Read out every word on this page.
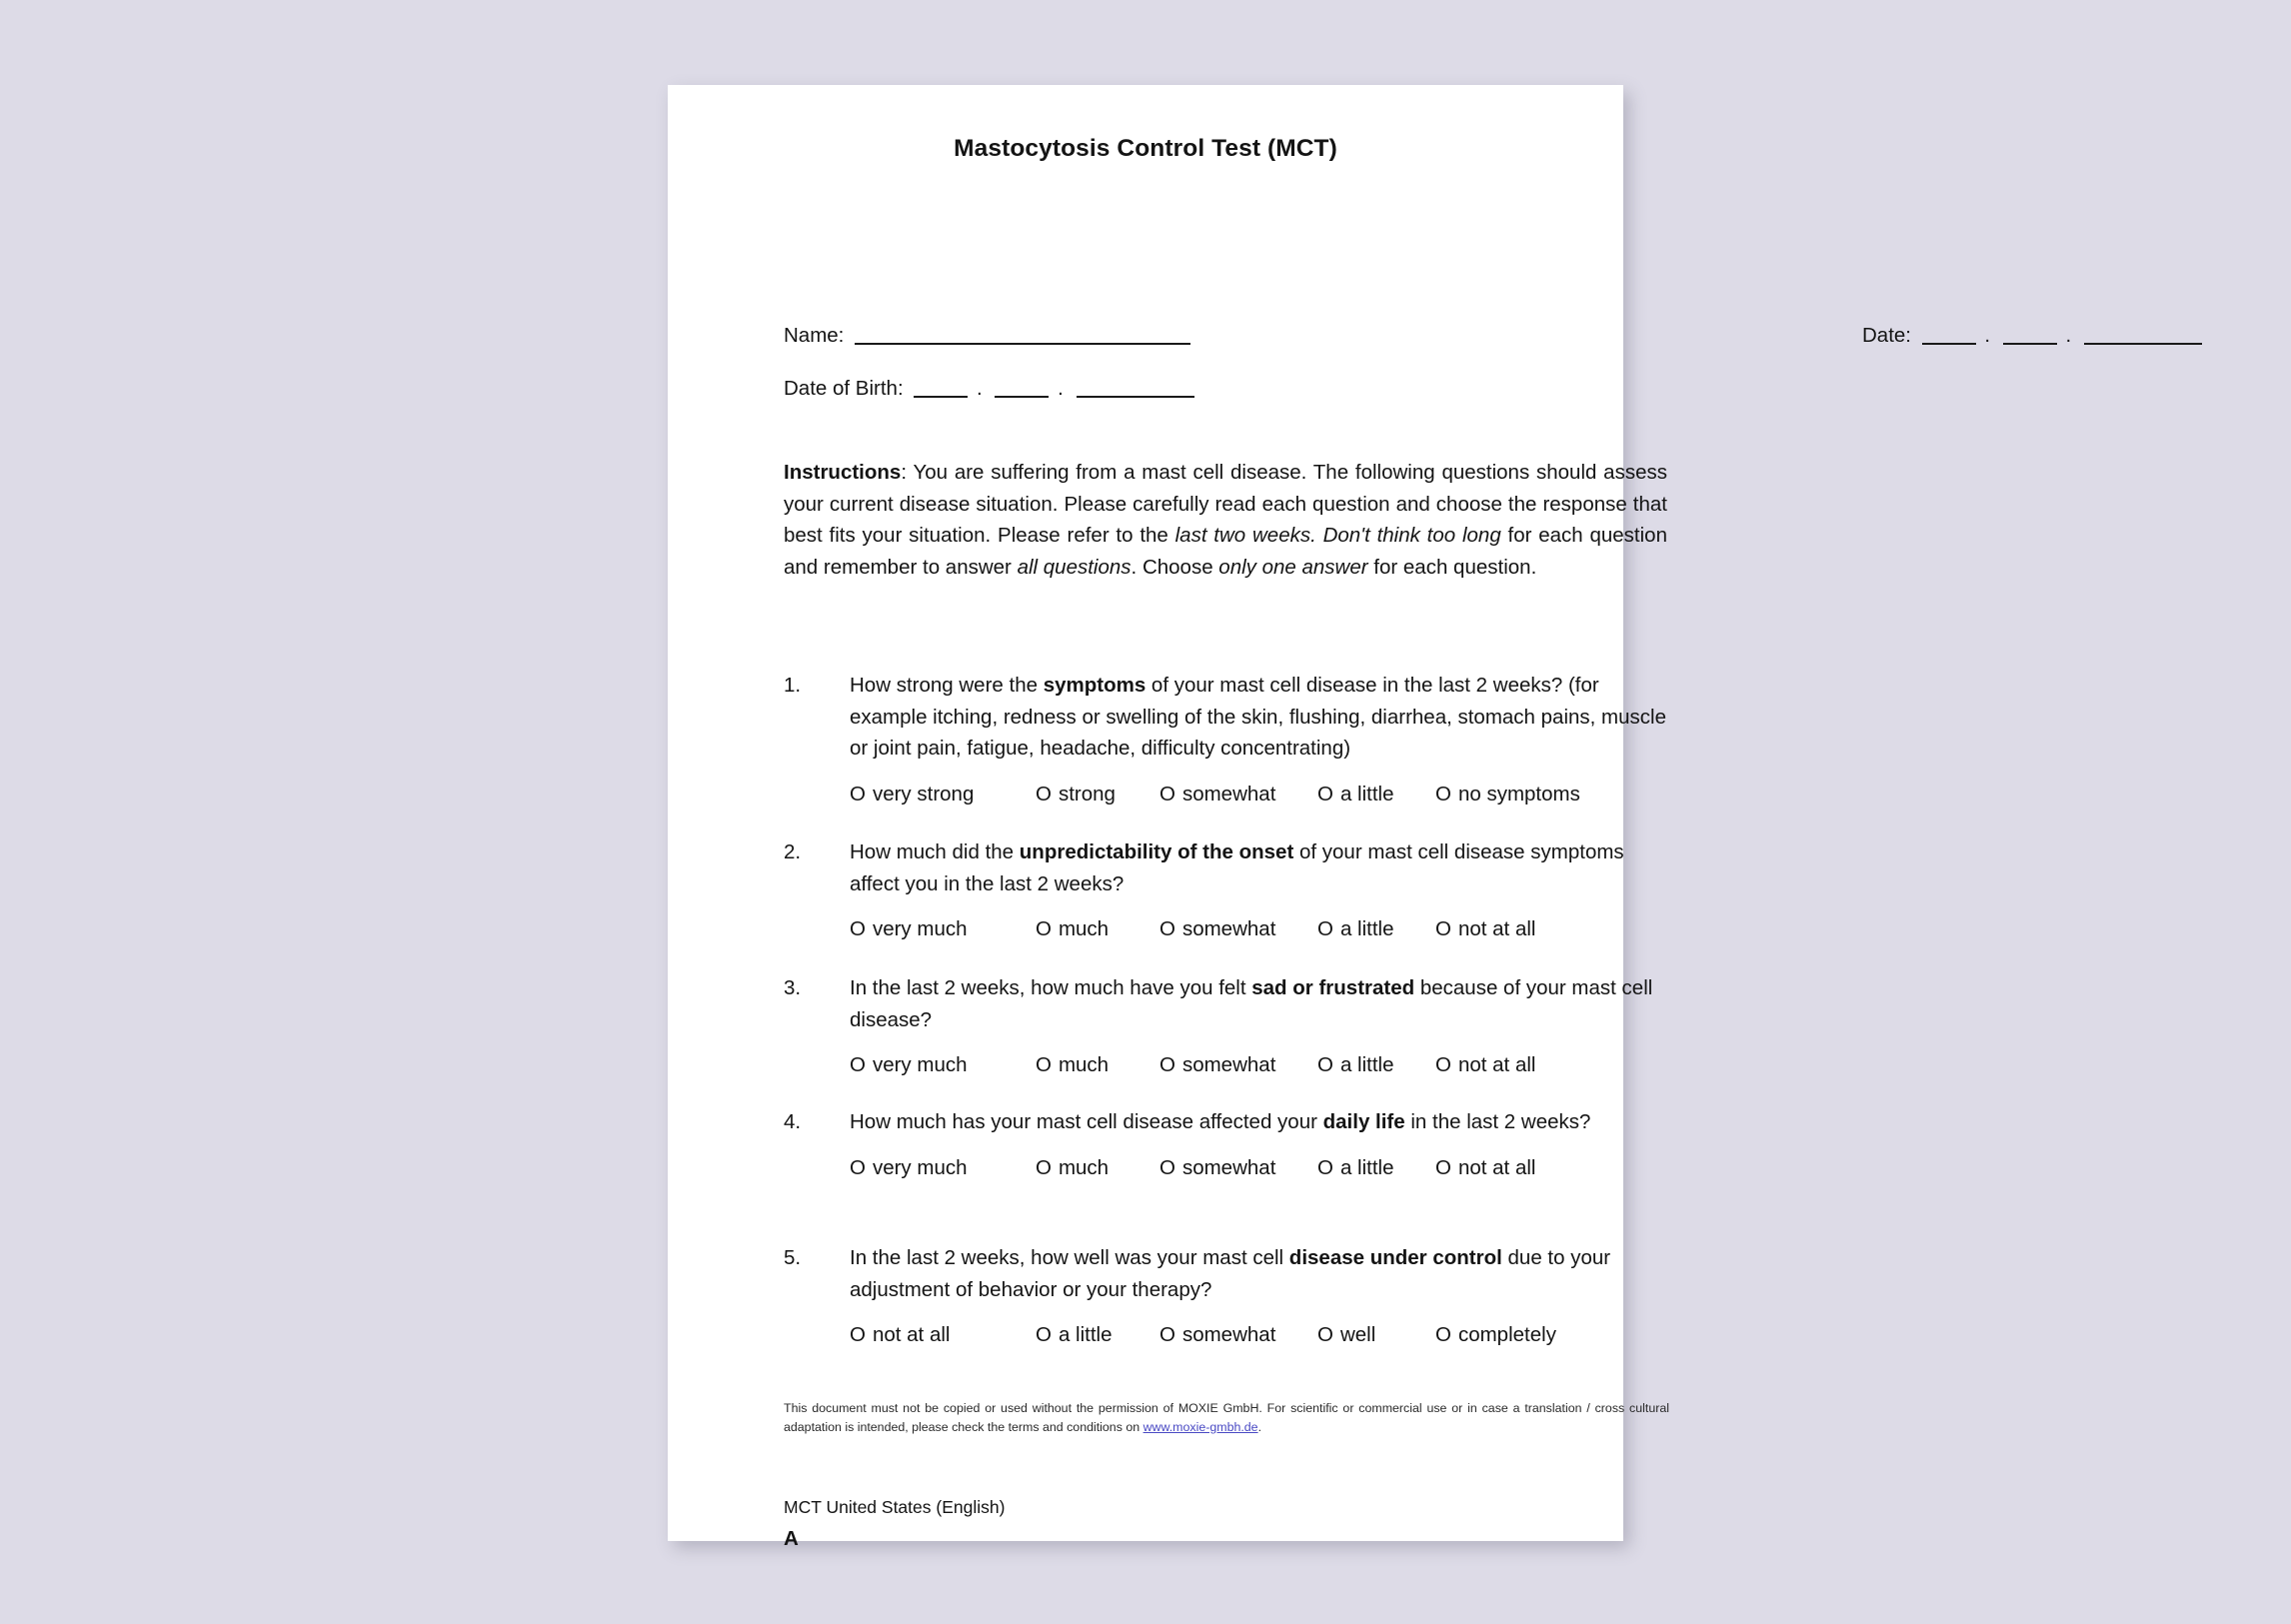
Mastocytosis Control Test (MCT)
Name:	Date:	.	.
Date of Birth:	.	.
Instructions: You are suffering from a mast cell disease. The following questions should assess your current disease situation. Please carefully read each question and choose the response that best fits your situation. Please refer to the last two weeks. Don't think too long for each question and remember to answer all questions. Choose only one answer for each question.
1.	How strong were the symptoms of your mast cell disease in the last 2 weeks? (for example itching, redness or swelling of the skin, flushing, diarrhea, stomach pains, muscle or joint pain, fatigue, headache, difficulty concentrating)
O very strong	O strong O somewhat O a little O no symptoms
2.	How much did the unpredictability of the onset of your mast cell disease symptoms affect you in the last 2 weeks?
O very much	O much O somewhat O a little O not at all
3.	In the last 2 weeks, how much have you felt sad or frustrated because of your mast cell disease?
O very much	O much O somewhat O a little O not at all
4.	How much has your mast cell disease affected your daily life in the last 2 weeks?
O very much	O much O somewhat O a little O not at all
5.	In the last 2 weeks, how well was your mast cell disease under control due to your adjustment of behavior or your therapy?
O not at all	O a little O somewhat O well	O completely
This document must not be copied or used without the permission of MOXIE GmbH. For scientific or commercial use or in case a translation / cross cultural adaptation is intended, please check the terms and conditions on www.moxie-gmbh.de.
MCT United States (English)
A
